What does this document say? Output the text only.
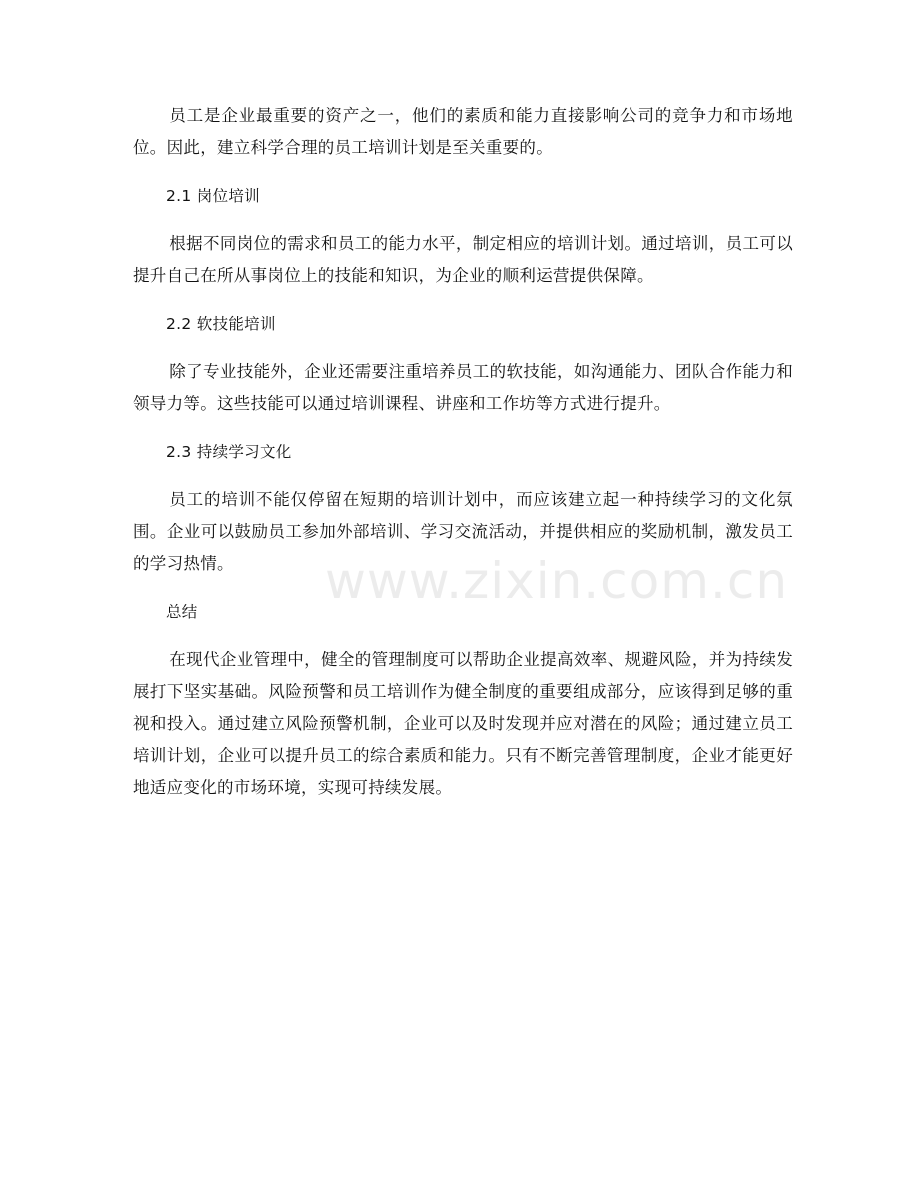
员工是企业最重要的资产之一，他们的素质和能力直接影响公司的竞争力和市场地位。因此，建立科学合理的员工培训计划是至关重要的。

2.1 岗位培训

根据不同岗位的需求和员工的能力水平，制定相应的培训计划。通过培训，员工可以提升自己在所从事岗位上的技能和知识，为企业的顺利运营提供保障。

2.2 软技能培训

除了专业技能外，企业还需要注重培养员工的软技能，如沟通能力、团队合作能力和领导力等。这些技能可以通过培训课程、讲座和工作坊等方式进行提升。

2.3 持续学习文化

员工的培训不能仅停留在短期的培训计划中，而应该建立起一种持续学习的文化氛围。企业可以鼓励员工参加外部培训、学习交流活动，并提供相应的奖励机制，激发员工的学习热情。

总结

在现代企业管理中，健全的管理制度可以帮助企业提高效率、规避风险，并为持续发展打下坚实基础。风险预警和员工培训作为健全制度的重要组成部分，应该得到足够的重视和投入。通过建立风险预警机制，企业可以及时发现并应对潜在的风险；通过建立员工培训计划，企业可以提升员工的综合素质和能力。只有不断完善管理制度，企业才能更好地适应变化的市场环境，实现可持续发展。

www.zixin.com.cn
